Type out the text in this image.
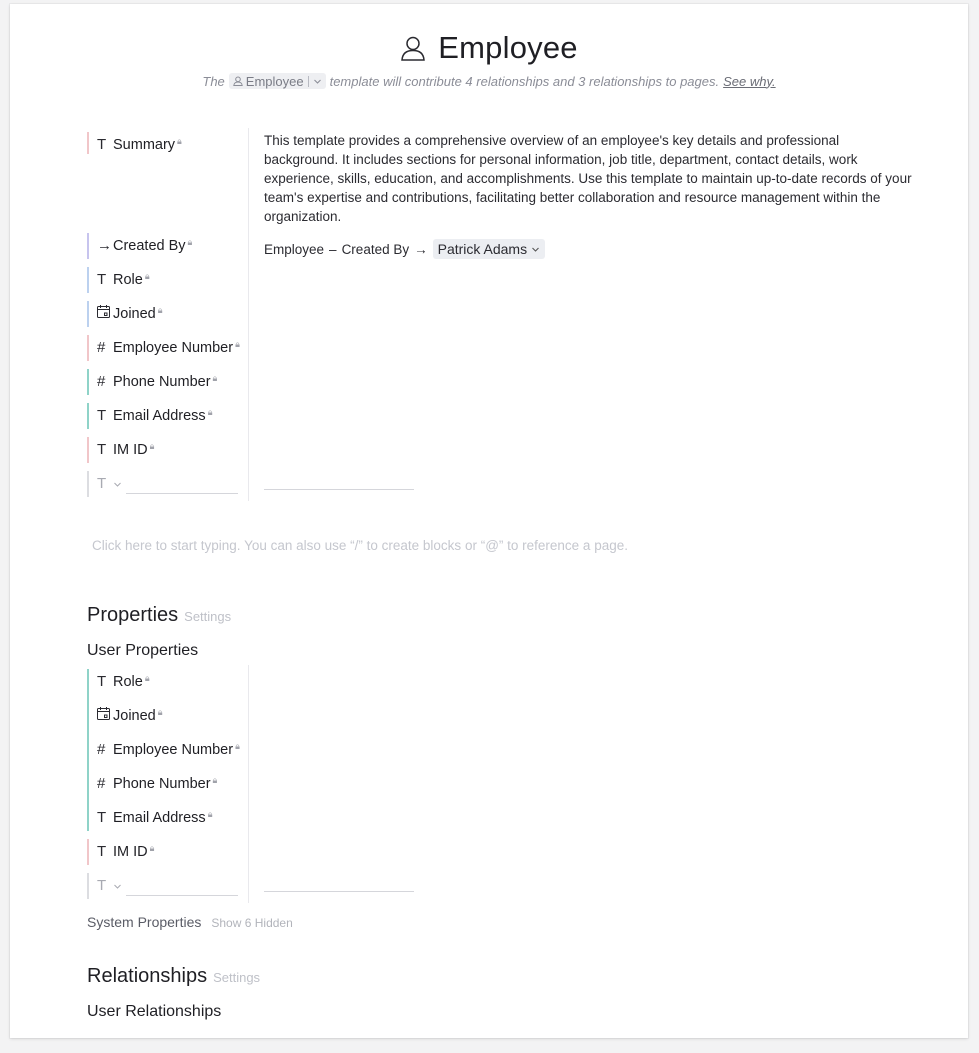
Employee
The Employee template will contribute 4 relationships and 3 relationships to pages. See why.
T Summary 🔒︎	This template provides a comprehensive overview of an employee's key details and professional background. It includes sections for personal information, job title, department, contact details, work experience, skills, education, and accomplishments. Use this template to maintain up-to-date records of your team's expertise and contributions, facilitating better collaboration and resource management within the organization.
→ Created By 🔒︎	Employee – Created By → Patrick Adams
T Role 🔒︎
Joined 🔒︎
# Employee Number 🔒︎
# Phone Number 🔒︎
T Email Address 🔒︎
T IM ID 🔒︎
T
Click here to start typing. You can also use “/” to create blocks or “@” to reference a page.
Properties Settings
User Properties
T Role 🔒︎
Joined 🔒︎
# Employee Number 🔒︎
# Phone Number 🔒︎
T Email Address 🔒︎
T IM ID 🔒︎
T
System Properties Show 6 Hidden
Relationships Settings
User Relationships
